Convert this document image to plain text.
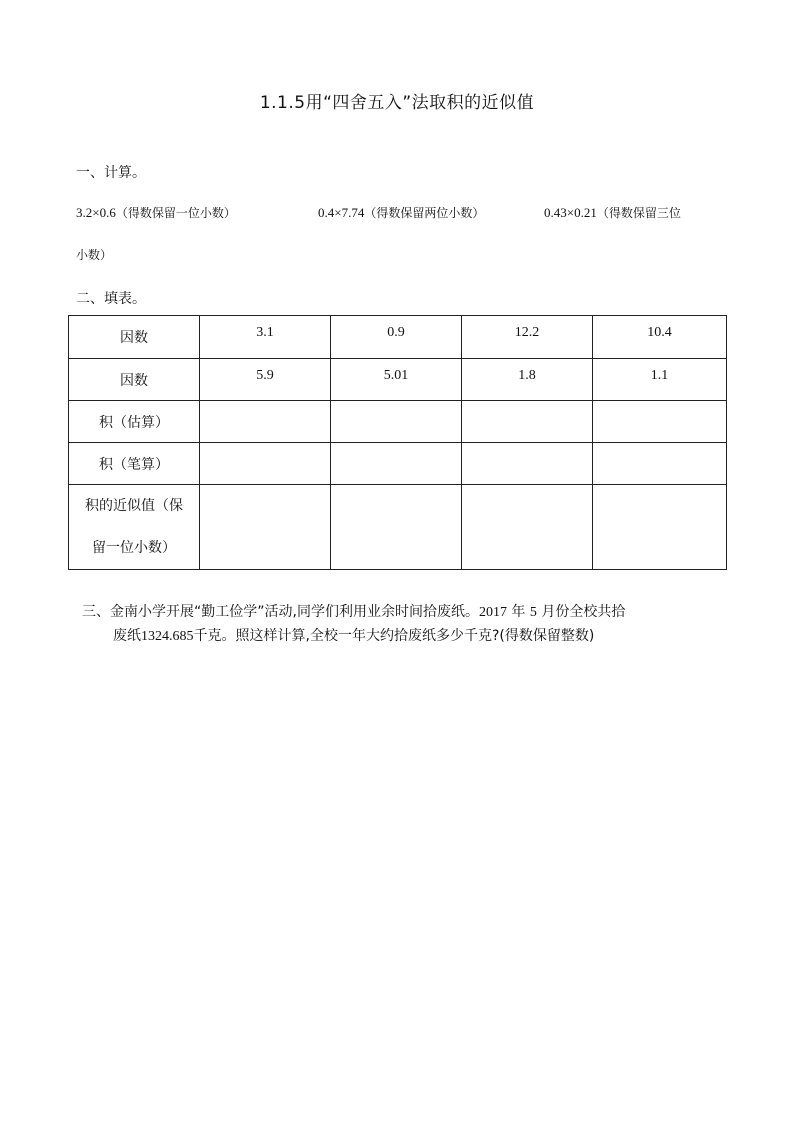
1.1.5用“四舍五入”法取积的近似值
一、计算。
3.2×0.6（得数保留一位小数）	0.4×7.74（得数保留两位小数）	0.43×0.21（得数保留三位
小数）
二、填表。
因数	3.1	0.9	12.2	10.4
因数	5.9	5.01	1.8	1.1
积（估算）				
积（笔算）				

积的近似值（保
留一位小数）				

三、金南小学开展“勤工俭学”活动,同学们利用业余时间拾废纸。2017 年 5 月份全校共拾
废纸1324.685千克。照这样计算,全校一年大约拾废纸多少千克?(得数保留整数)
